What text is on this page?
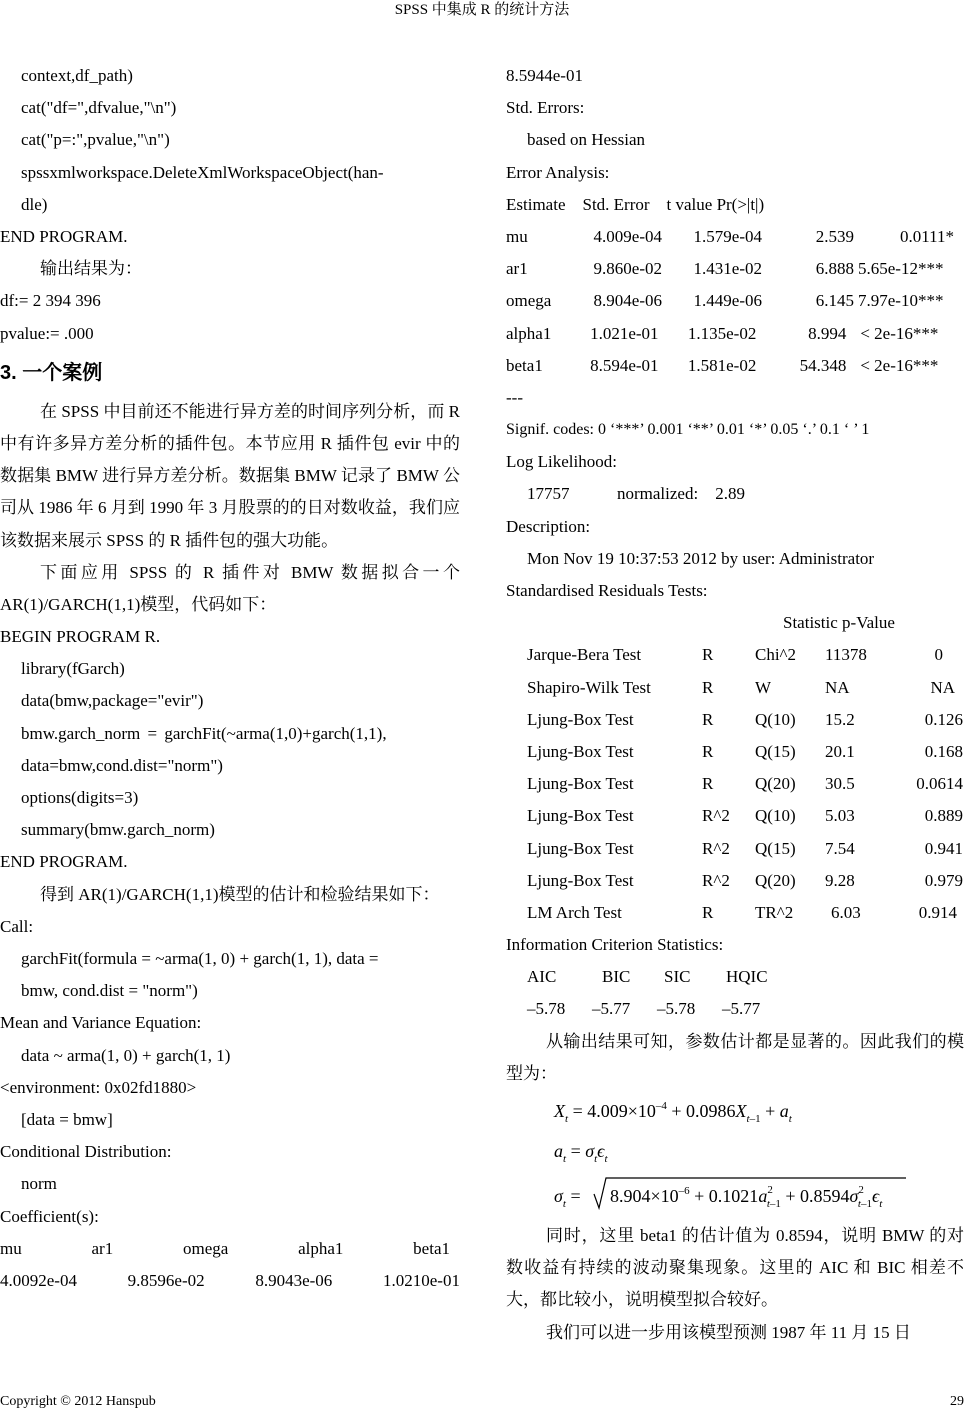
SPSS 中集成 R 的统计方法
context,df_path)
cat("df=",dfvalue,"\n")
cat("p=:",pvalue,"\n")
spssxmlworkspace.DeleteXmlWorkspaceObject(han-
dle)
END PROGRAM.
输出结果为：
df:= 2 394 396
pvalue:= .000
3. 一个案例

在 SPSS 中目前还不能进行异方差的时间序列分析，而 R 中有许多异方差分析的插件包。本节应用 R 插件包 evir 中的数据集 BMW 进行异方差分析。数据集 BMW 记录了 BMW 公司从 1986 年 6 月到 1990 年 3 月股票的的日对数收益，我们应该数据来展示 SPSS 的 R 插件包的强大功能。

下面应用 SPSS 的 R 插件对 BMW 数据拟合一个 AR(1)/GARCH(1,1)模型，代码如下：

BEGIN PROGRAM R.
library(fGarch)
data(bmw,package="evir")
bmw.garch_norm = garchFit(~arma(1,0)+garch(1,1),
data=bmw,cond.dist="norm")
options(digits=3)
summary(bmw.garch_norm)
END PROGRAM.

得到 AR(1)/GARCH(1,1)模型的估计和检验结果如下：

Call:
garchFit(formula = ~arma(1, 0) + garch(1, 1), data =
bmw, cond.dist = "norm")
Mean and Variance Equation:
data ~ arma(1, 0) + garch(1, 1)
<environment: 0x02fd1880>
[data = bmw]
Conditional Distribution:
norm
Coefficient(s):
mu	ar1	omega	alpha1	beta1
4.0092e-04	9.8596e-02	8.9043e-06	1.0210e-01
8.5944e-01
Std. Errors:
based on Hessian
Error Analysis:
Estimate    Std. Error    t value Pr(>|t|)
mu	4.009e-04	1.579e-04	2.539	0.0111*
ar1	9.860e-02	1.431e-02	6.888 5.65e-12***
omega	8.904e-06	1.449e-06	6.145 7.97e-10***
alpha1	1.021e-01	1.135e-02	8.994 < 2e-16***
beta1	8.594e-01	1.581e-02	54.348 < 2e-16***
---
Signif. codes: 0 ‘***’ 0.001 ‘**’ 0.01 ‘*’ 0.05 ‘.’ 0.1 ‘ ’ 1
Log Likelihood:
17757	normalized:    2.89
Description:
Mon Nov 19 10:37:53 2012 by user: Administrator
Standardised Residuals Tests:
Statistic p-Value
Jarque-Bera Test	R	Chi^2	11378	0
Shapiro-Wilk Test	R	W	NA	NA
Ljung-Box Test	R	Q(10)	15.2	0.126
Ljung-Box Test	R	Q(15)	20.1	0.168
Ljung-Box Test	R	Q(20)	30.5	0.0614
Ljung-Box Test	R^2	Q(10)	5.03	0.889
Ljung-Box Test	R^2	Q(15)	7.54	0.941
Ljung-Box Test	R^2	Q(20)	9.28	0.979
LM Arch Test	R	TR^2	6.03	0.914
Information Criterion Statistics:
AIC	BIC	SIC	HQIC
–5.78	–5.77	–5.78	–5.77

从输出结果可知，参数估计都是显著的。因此我们的模型为：

$X_t = 4.009\times 10^{-4} + 0.0986X_t-1 + a_t$
$a_t = \sigma_t\epsilon_t$
$\sigma_t = 8.904\times 10^{-6} + 0.1021a^2$ $t-1 + 0.8594\sigma^2$ $t-1\epsilon_t$

同时，这里 beta1 的估计值为 0.8594，说明 BMW 的对数收益有持续的波动聚集现象。这里的 AIC 和 BIC 相差不大，都比较小，说明模型拟合较好。

我们可以进一步用该模型预测 1987 年 11 月 15 日

Copyright © 2012 Hanspub	29
